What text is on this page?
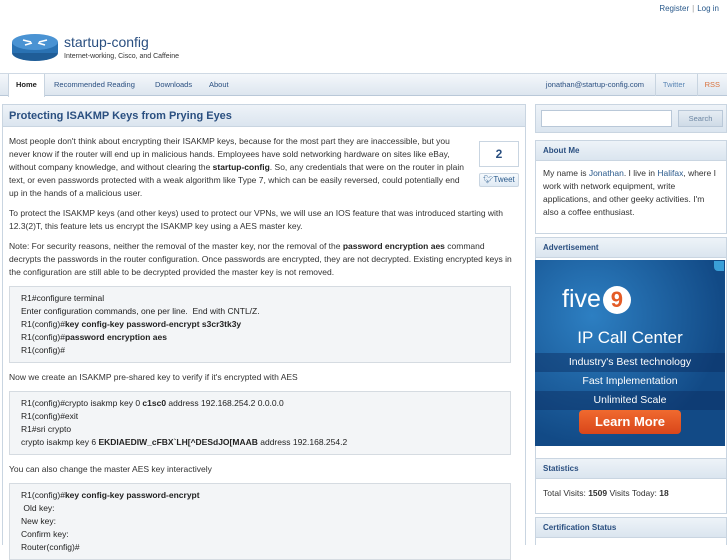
Register | Log in
startup-config
Internet-working, Cisco, and Caffeine
Home	Recommended Reading	Downloads	About	jonathan@startup-config.com	Twitter	RSS
Protecting ISAKMP Keys from Prying Eyes
2
🐦︎Tweet

Most people don't think about encrypting their ISAKMP keys, because for the most part they are inaccessible, but you never know if the router will end up in malicious hands. Employees have sold networking hardware on sites like eBay, without company knowledge, and without clearing the startup-config. So, any credentials that were on the router in plain text, or even passwords protected with a weak algorithm like Type 7, which can be easily reversed, could potentially end up in the hands of a malicious user.

To protect the ISAKMP keys (and other keys) used to protect our VPNs, we will use an IOS feature that was introduced starting with 12.3(2)T, this feature lets us encrypt the ISAKMP key using a AES master key.

Note: For security reasons, neither the removal of the master key, nor the removal of the password encryption aes command decrypts the passwords in the router configuration. Once passwords are encrypted, they are not decrypted. Existing encrypted keys in the configuration are still able to be decrypted provided the master key is not removed.

R1#configure terminal
Enter configuration commands, one per line.  End with CNTL/Z.
R1(config)#key config-key password-encrypt s3cr3tk3y
R1(config)#password encryption aes
R1(config)#

Now we create an ISAKMP pre-shared key to verify if it's encrypted with AES

R1(config)#crypto isakmp key 0 c1sc0 address 192.168.254.2 0.0.0.0
R1(config)#exit
R1#sri crypto
crypto isakmp key 6 EKDIAEDIW_cFBX`LH[^DESdJO[MAAB address 192.168.254.2

You can also change the master AES key interactively

R1(config)#key config-key password-encrypt
Old key:
New key:
Confirm key:
Router(config)#
Search
About Me
My name is Jonathan. I live in Halifax, where I work with network equipment, write applications, and other geeky activities. I'm also a coffee enthusiast.
Advertisement
five 9
IP Call Center
Industry's Best technology
Fast Implementation
Unlimited Scale
Learn More
Statistics
Total Visits: 1509 Visits Today: 18
Certification Status
